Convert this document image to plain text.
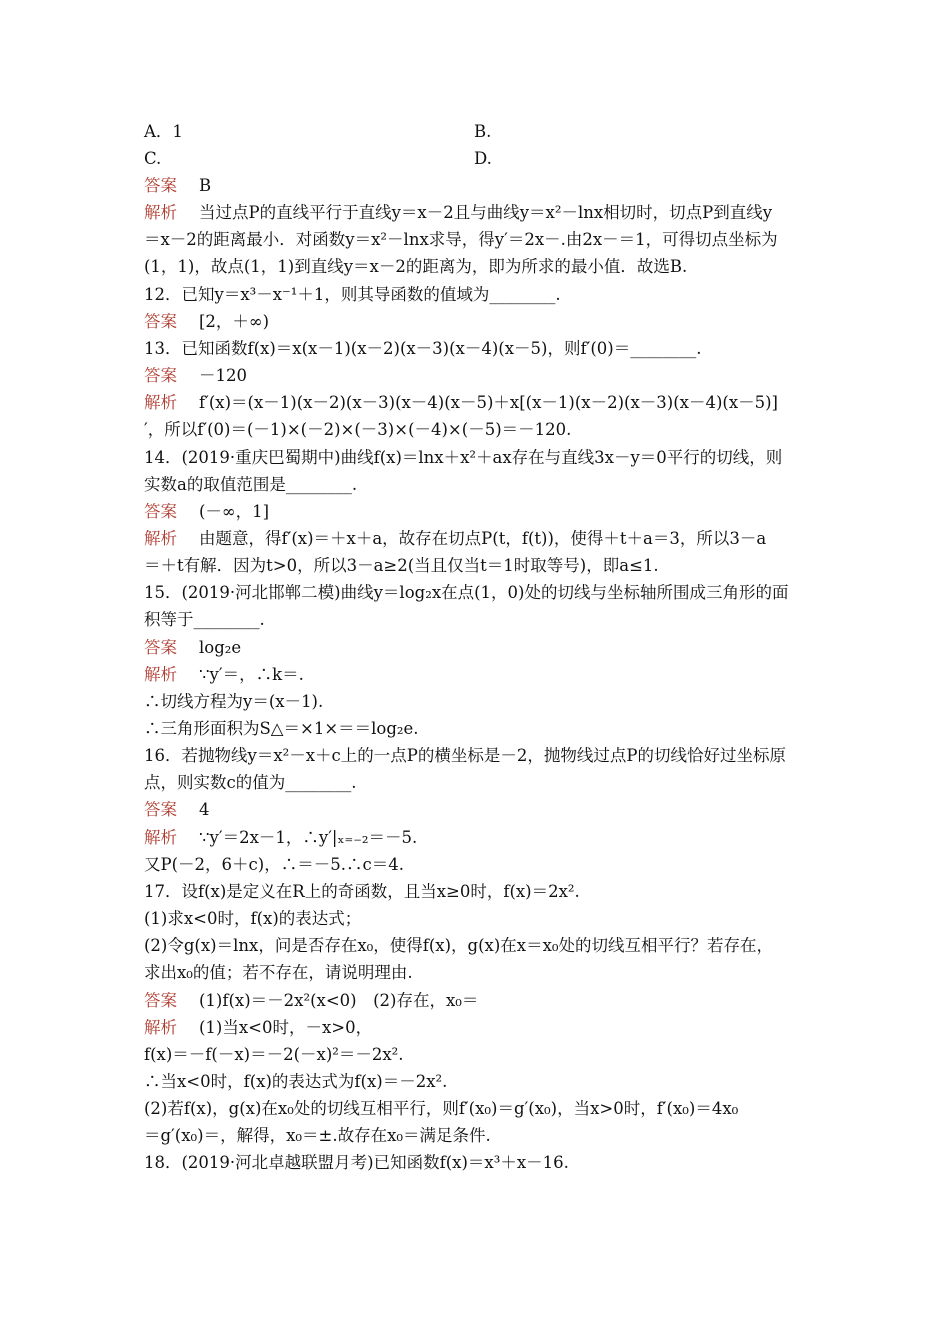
A．1	B.
C.	D.
答案 B
解析 当过点P的直线平行于直线y＝x－2且与曲线y＝x²－lnx相切时，切点P到直线y
＝x－2的距离最小．对函数y＝x²－lnx求导，得y′＝2x－.由2x－＝1，可得切点坐标为
(1，1)，故点(1，1)到直线y＝x－2的距离为，即为所求的最小值．故选B.
12．已知y＝x³－x⁻¹＋1，则其导函数的值域为________.
答案 [2，＋∞)
13．已知函数f(x)＝x(x－1)(x－2)(x－3)(x－4)(x－5)，则f′(0)＝________.
答案 －120
解析 f′(x)＝(x－1)(x－2)(x－3)(x－4)(x－5)＋x[(x－1)(x－2)(x－3)(x－4)(x－5)]
′，所以f′(0)＝(－1)×(－2)×(－3)×(－4)×(－5)＝－120.
14．(2019·重庆巴蜀期中)曲线f(x)＝lnx＋x²＋ax存在与直线3x－y＝0平行的切线，则
实数a的取值范围是________.
答案 (－∞，1]
解析 由题意，得f′(x)＝＋x＋a，故存在切点P(t，f(t))，使得＋t＋a＝3，所以3－a
＝＋t有解．因为t>0，所以3－a≥2(当且仅当t＝1时取等号)，即a≤1.
15．(2019·河北邯郸二模)曲线y＝log₂x在点(1，0)处的切线与坐标轴所围成三角形的面
积等于________.
答案 log₂e
解析 ∵y′＝，∴k＝.
∴切线方程为y＝(x－1).
∴三角形面积为S△＝×1×＝＝log₂e.
16．若抛物线y＝x²－x＋c上的一点P的横坐标是－2，抛物线过点P的切线恰好过坐标原
点，则实数c的值为________.
答案 4
解析 ∵y′＝2x－1，∴y′|ₓ₌₋₂＝－5.
又P(－2，6＋c)，∴＝－5.∴c＝4.
17．设f(x)是定义在R上的奇函数，且当x≥0时，f(x)＝2x².
(1)求x<0时，f(x)的表达式；
(2)令g(x)＝lnx，问是否存在x₀，使得f(x)，g(x)在x＝x₀处的切线互相平行？若存在，
求出x₀的值；若不存在，请说明理由.
答案 (1)f(x)＝－2x²(x<0)　(2)存在，x₀＝
解析 (1)当x<0时，－x>0，
f(x)＝－f(－x)＝－2(－x)²＝－2x².
∴当x<0时，f(x)的表达式为f(x)＝－2x².
(2)若f(x)，g(x)在x₀处的切线互相平行，则f′(x₀)＝g′(x₀)，当x>0时，f′(x₀)＝4x₀
＝g′(x₀)＝，解得，x₀＝±.故存在x₀＝满足条件.
18．(2019·河北卓越联盟月考)已知函数f(x)＝x³＋x－16.
